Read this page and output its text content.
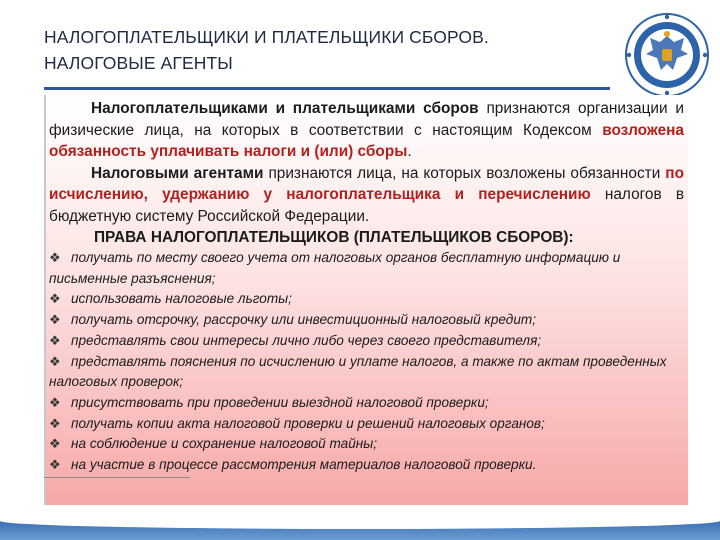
НАЛОГОПЛАТЕЛЬЩИКИ И ПЛАТЕЛЬЩИКИ СБОРОВ.
НАЛОГОВЫЕ АГЕНТЫ

Налогоплательщиками и плательщиками сборов признаются организации и физические лица, на которых в соответствии с настоящим Кодексом возложена обязанность уплачивать налоги и (или) сборы.

Налоговыми агентами признаются лица, на которых возложены обязанности по исчислению, удержанию у налогоплательщика и перечислению налогов в бюджетную систему Российской Федерации.

ПРАВА НАЛОГОПЛАТЕЛЬЩИКОВ (ПЛАТЕЛЬЩИКОВ СБОРОВ):

❖ получать по месту своего учета от налоговых органов бесплатную информацию и письменные разъяснения;
❖ использовать налоговые льготы;
❖ получать отсрочку, рассрочку или инвестиционный налоговый кредит;
❖ представлять свои интересы лично либо через своего представителя;
❖ представлять пояснения по исчислению и уплате налогов, а также по актам проведенных налоговых проверок;
❖ присутствовать при проведении выездной налоговой проверки;
❖ получать копии акта налоговой проверки и решений налоговых органов;
❖ на соблюдение и сохранение налоговой тайны;
❖ на участие в процессе рассмотрения материалов налоговой проверки.
